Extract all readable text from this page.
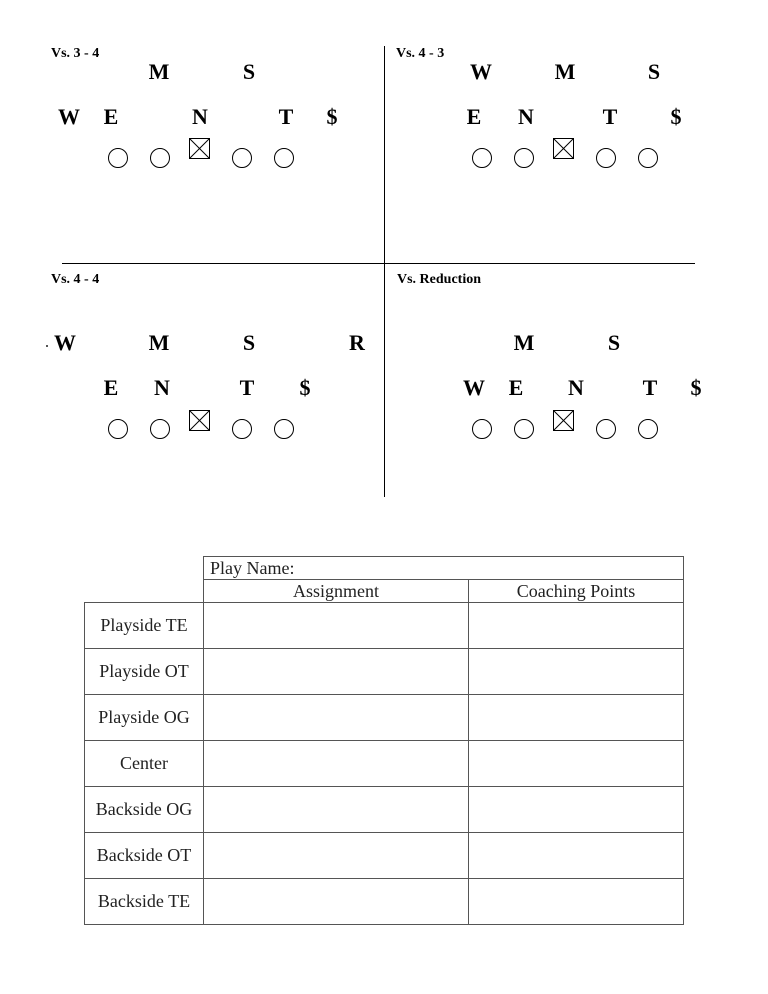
Vs. 3 - 4
M	S
W	E	N	T	$
Vs. 4 - 3
W	M	S
E	N	T	$
Vs. 4 - 4
W	M	S	R
E	N	T	$
Vs. Reduction
M	S
W	E	N	T	$
	Play Name:	
	Assignment	Coaching Points
Playside TE		
Playside OT		
Playside OG		
Center		
Backside OG		
Backside OT		
Backside TE		
